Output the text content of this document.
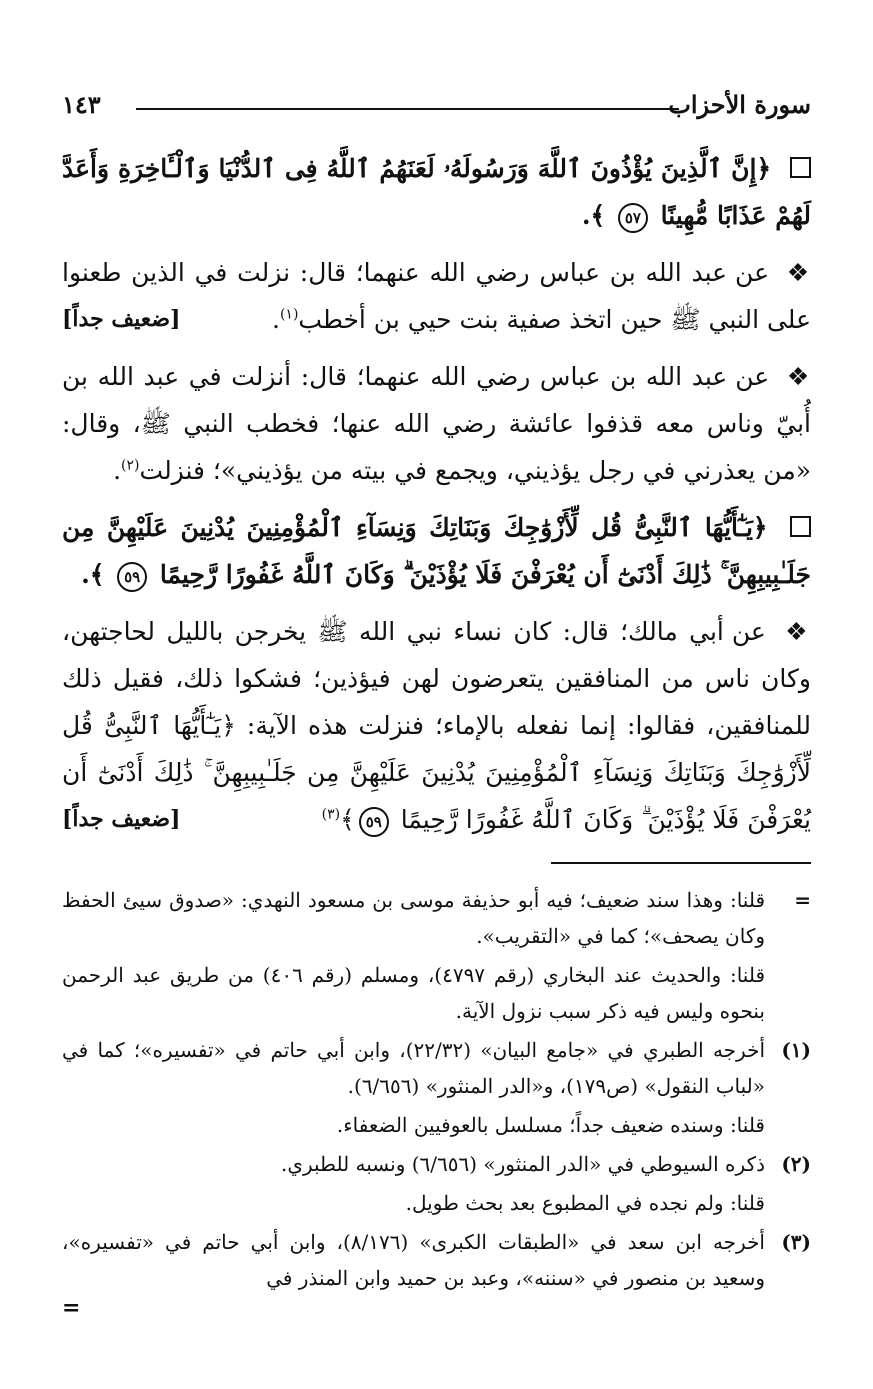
سورة الأحزاب
١٤٣
﴿إِنَّ ٱلَّذِينَ يُؤْذُونَ ٱللَّهَ وَرَسُولَهُۥ لَعَنَهُمُ ٱللَّهُ فِى ٱلدُّنْيَا وَٱلْـَٔاخِرَةِ وَأَعَدَّ لَهُمْ عَذَابًا مُّهِينًا ٥٧ ﴾.
❖ عن عبد الله بن عباس رضي الله عنهما؛ قال: نزلت في الذين طعنوا على النبي ﷺ حين اتخذ صفية بنت حيي بن أخطب$^{(١)}$.
[ضعيف جداً]
❖ عن عبد الله بن عباس رضي الله عنهما؛ قال: أنزلت في عبد الله بن أُبيّ وناس معه قذفوا عائشة رضي الله عنها؛ فخطب النبي ﷺ، وقال: «من يعذرني في رجل يؤذيني، ويجمع في بيته من يؤذيني»؛ فنزلت$^{(٢)}$.
﴿يَـٰٓأَيُّهَا ٱلنَّبِىُّ قُل لِّأَزْوَٰجِكَ وَبَنَاتِكَ وَنِسَآءِ ٱلْمُؤْمِنِينَ يُدْنِينَ عَلَيْهِنَّ مِن جَلَـٰبِيبِهِنَّ ۚ ذَٰلِكَ أَدْنَىٰٓ أَن يُعْرَفْنَ فَلَا يُؤْذَيْنَ ۗ وَكَانَ ٱللَّهُ غَفُورًا رَّحِيمًا ٥٩ ﴾.
❖ عن أبي مالك؛ قال: كان نساء نبي الله ﷺ يخرجن بالليل لحاجتهن، وكان ناس من المنافقين يتعرضون لهن فيؤذين؛ فشكوا ذلك، فقيل ذلك للمنافقين، فقالوا: إنما نفعله بالإماء؛ فنزلت هذه الآية: ﴿يَـٰٓأَيُّهَا ٱلنَّبِىُّ قُل لِّأَزْوَٰجِكَ وَبَنَاتِكَ وَنِسَآءِ ٱلْمُؤْمِنِينَ يُدْنِينَ عَلَيْهِنَّ مِن جَلَـٰبِيبِهِنَّ ۚ ذَٰلِكَ أَدْنَىٰٓ أَن يُعْرَفْنَ فَلَا يُؤْذَيْنَ ۗ وَكَانَ ٱللَّهُ غَفُورًا رَّحِيمًا ٥٩﴾$^{(٣)}$
[ضعيف جداً]
=
قلنا: وهذا سند ضعيف؛ فيه أبو حذيفة موسى بن مسعود النهدي: «صدوق سيئ الحفظ وكان يصحف»؛ كما في «التقريب».
قلنا: والحديث عند البخاري (رقم ٤٧٩٧)، ومسلم (رقم ٤٠٦) من طريق عبد الرحمن بنحوه وليس فيه ذكر سبب نزول الآية.
(١)
أخرجه الطبري في «جامع البيان» (٢٢/٣٢)، وابن أبي حاتم في «تفسيره»؛ كما في «لباب النقول» (ص١٧٩)، و«الدر المنثور» (٦/٦٥٦).
قلنا: وسنده ضعيف جداً؛ مسلسل بالعوفيين الضعفاء.
(٢)
ذكره السيوطي في «الدر المنثور» (٦/٦٥٦) ونسبه للطبري.
قلنا: ولم نجده في المطبوع بعد بحث طويل.
(٣)
أخرجه ابن سعد في «الطبقات الكبرى» (٨/١٧٦)، وابن أبي حاتم في «تفسيره»، وسعيد بن منصور في «سننه»، وعبد بن حميد وابن المنذر في
=
